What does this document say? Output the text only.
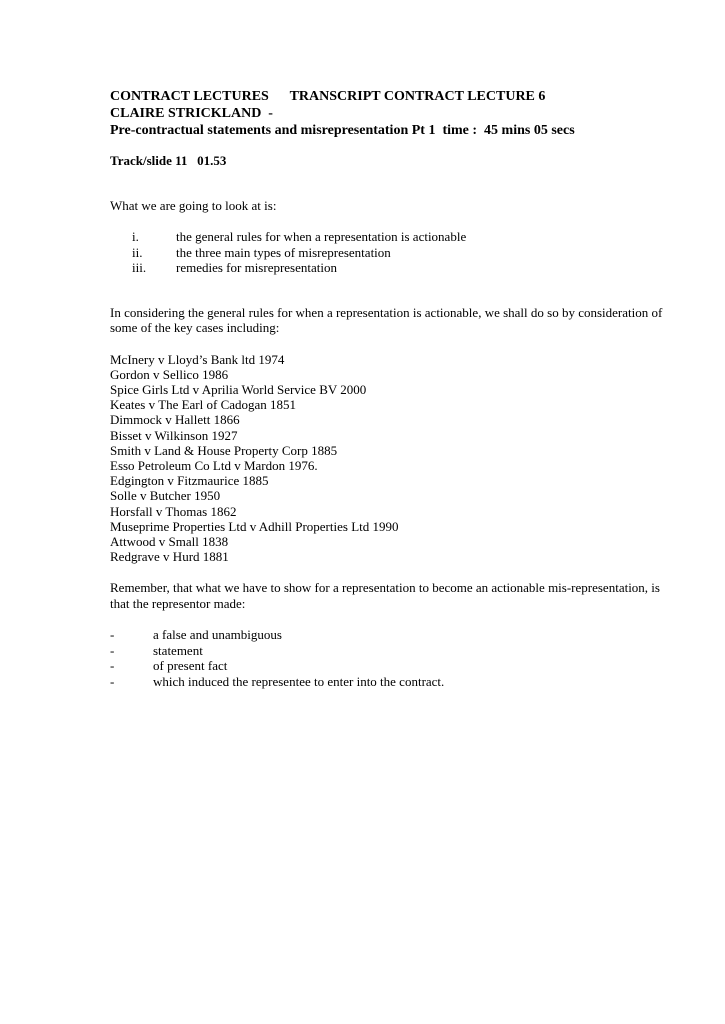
CONTRACT LECTURES      TRANSCRIPT CONTRACT LECTURE 6
CLAIRE STRICKLAND  -
Pre-contractual statements and misrepresentation Pt 1  time :  45 mins 05 secs
Track/slide 11   01.53
What we are going to look at is:
i.	the general rules for when a representation is actionable
ii.	the three main types of misrepresentation
iii.	remedies for misrepresentation
In considering the general rules for when a representation is actionable, we shall do so by consideration of some of the key cases including:
McInery v Lloyd’s Bank ltd 1974
Gordon v Sellico 1986
Spice Girls Ltd v Aprilia World Service BV 2000
Keates v The Earl of Cadogan 1851
Dimmock v Hallett 1866
Bisset v Wilkinson 1927
Smith v Land & House Property Corp 1885
Esso Petroleum Co Ltd v Mardon 1976.
Edgington v Fitzmaurice 1885
Solle v Butcher 1950
Horsfall v Thomas 1862
Museprime Properties Ltd v Adhill Properties Ltd 1990
Attwood v Small 1838
Redgrave v Hurd 1881
Remember, that what we have to show for a representation to become an actionable mis-representation, is that the representor made:
-	a false and unambiguous
-	statement
-	of present fact
-	which induced the representee to enter into the contract.
